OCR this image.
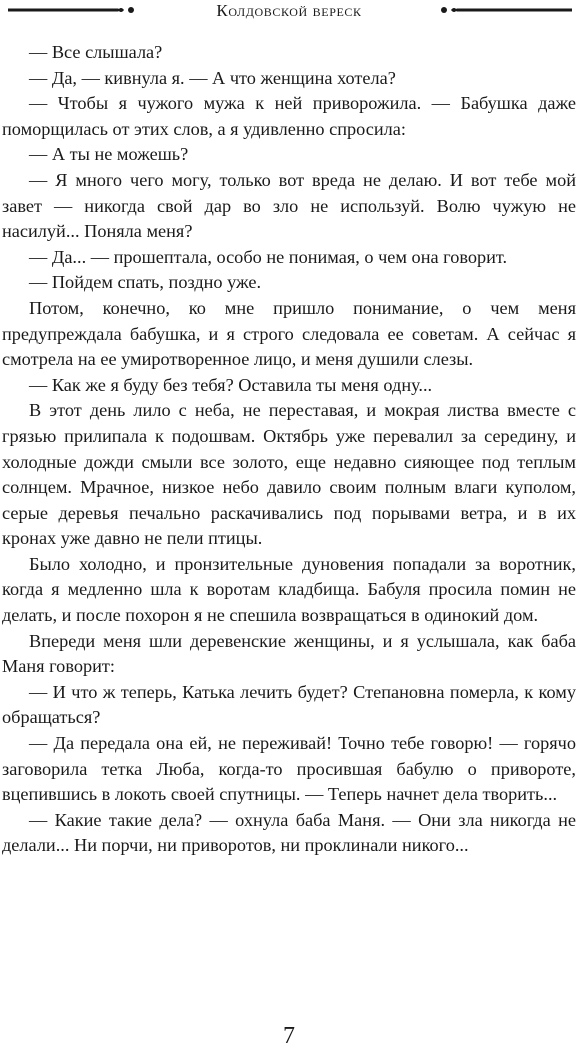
Колдовской вереск

— Все слышала?

— Да, — кивнула я. — А что женщина хотела?

— Чтобы я чужого мужа к ней приворожила. — Бабушка даже поморщилась от этих слов, а я удивленно спросила:

— А ты не можешь?

— Я много чего могу, только вот вреда не делаю. И вот тебе мой завет — никогда свой дар во зло не используй. Волю чужую не насилуй... Поняла меня?

— Да... — прошептала, особо не понимая, о чем она говорит.

— Пойдем спать, поздно уже.

Потом, конечно, ко мне пришло понимание, о чем меня предупреждала бабушка, и я строго следовала ее советам. А сейчас я смотрела на ее умиротворенное лицо, и меня душили слезы.

— Как же я буду без тебя? Оставила ты меня одну...

В этот день лило с неба, не переставая, и мокрая листва вместе с грязью прилипала к подошвам. Октябрь уже перевалил за середину, и холодные дожди смыли все золото, еще недавно сияющее под теплым солнцем. Мрачное, низкое небо давило своим полным влаги куполом, серые деревья печально раскачивались под порывами ветра, и в их кронах уже давно не пели птицы.

Было холодно, и пронзительные дуновения попадали за воротник, когда я медленно шла к воротам кладбища. Бабуля просила помин не делать, и после похорон я не спешила возвращаться в одинокий дом.

Впереди меня шли деревенские женщины, и я услышала, как баба Маня говорит:

— И что ж теперь, Катька лечить будет? Степановна померла, к кому обращаться?

— Да передала она ей, не переживай! Точно тебе говорю! — горячо заговорила тетка Люба, когда-то просившая бабулю о привороте, вцепившись в локоть своей спутницы. — Теперь начнет дела творить...

— Какие такие дела? — охнула баба Маня. — Они зла никогда не делали... Ни порчи, ни приворотов, ни проклинали никого...

7
